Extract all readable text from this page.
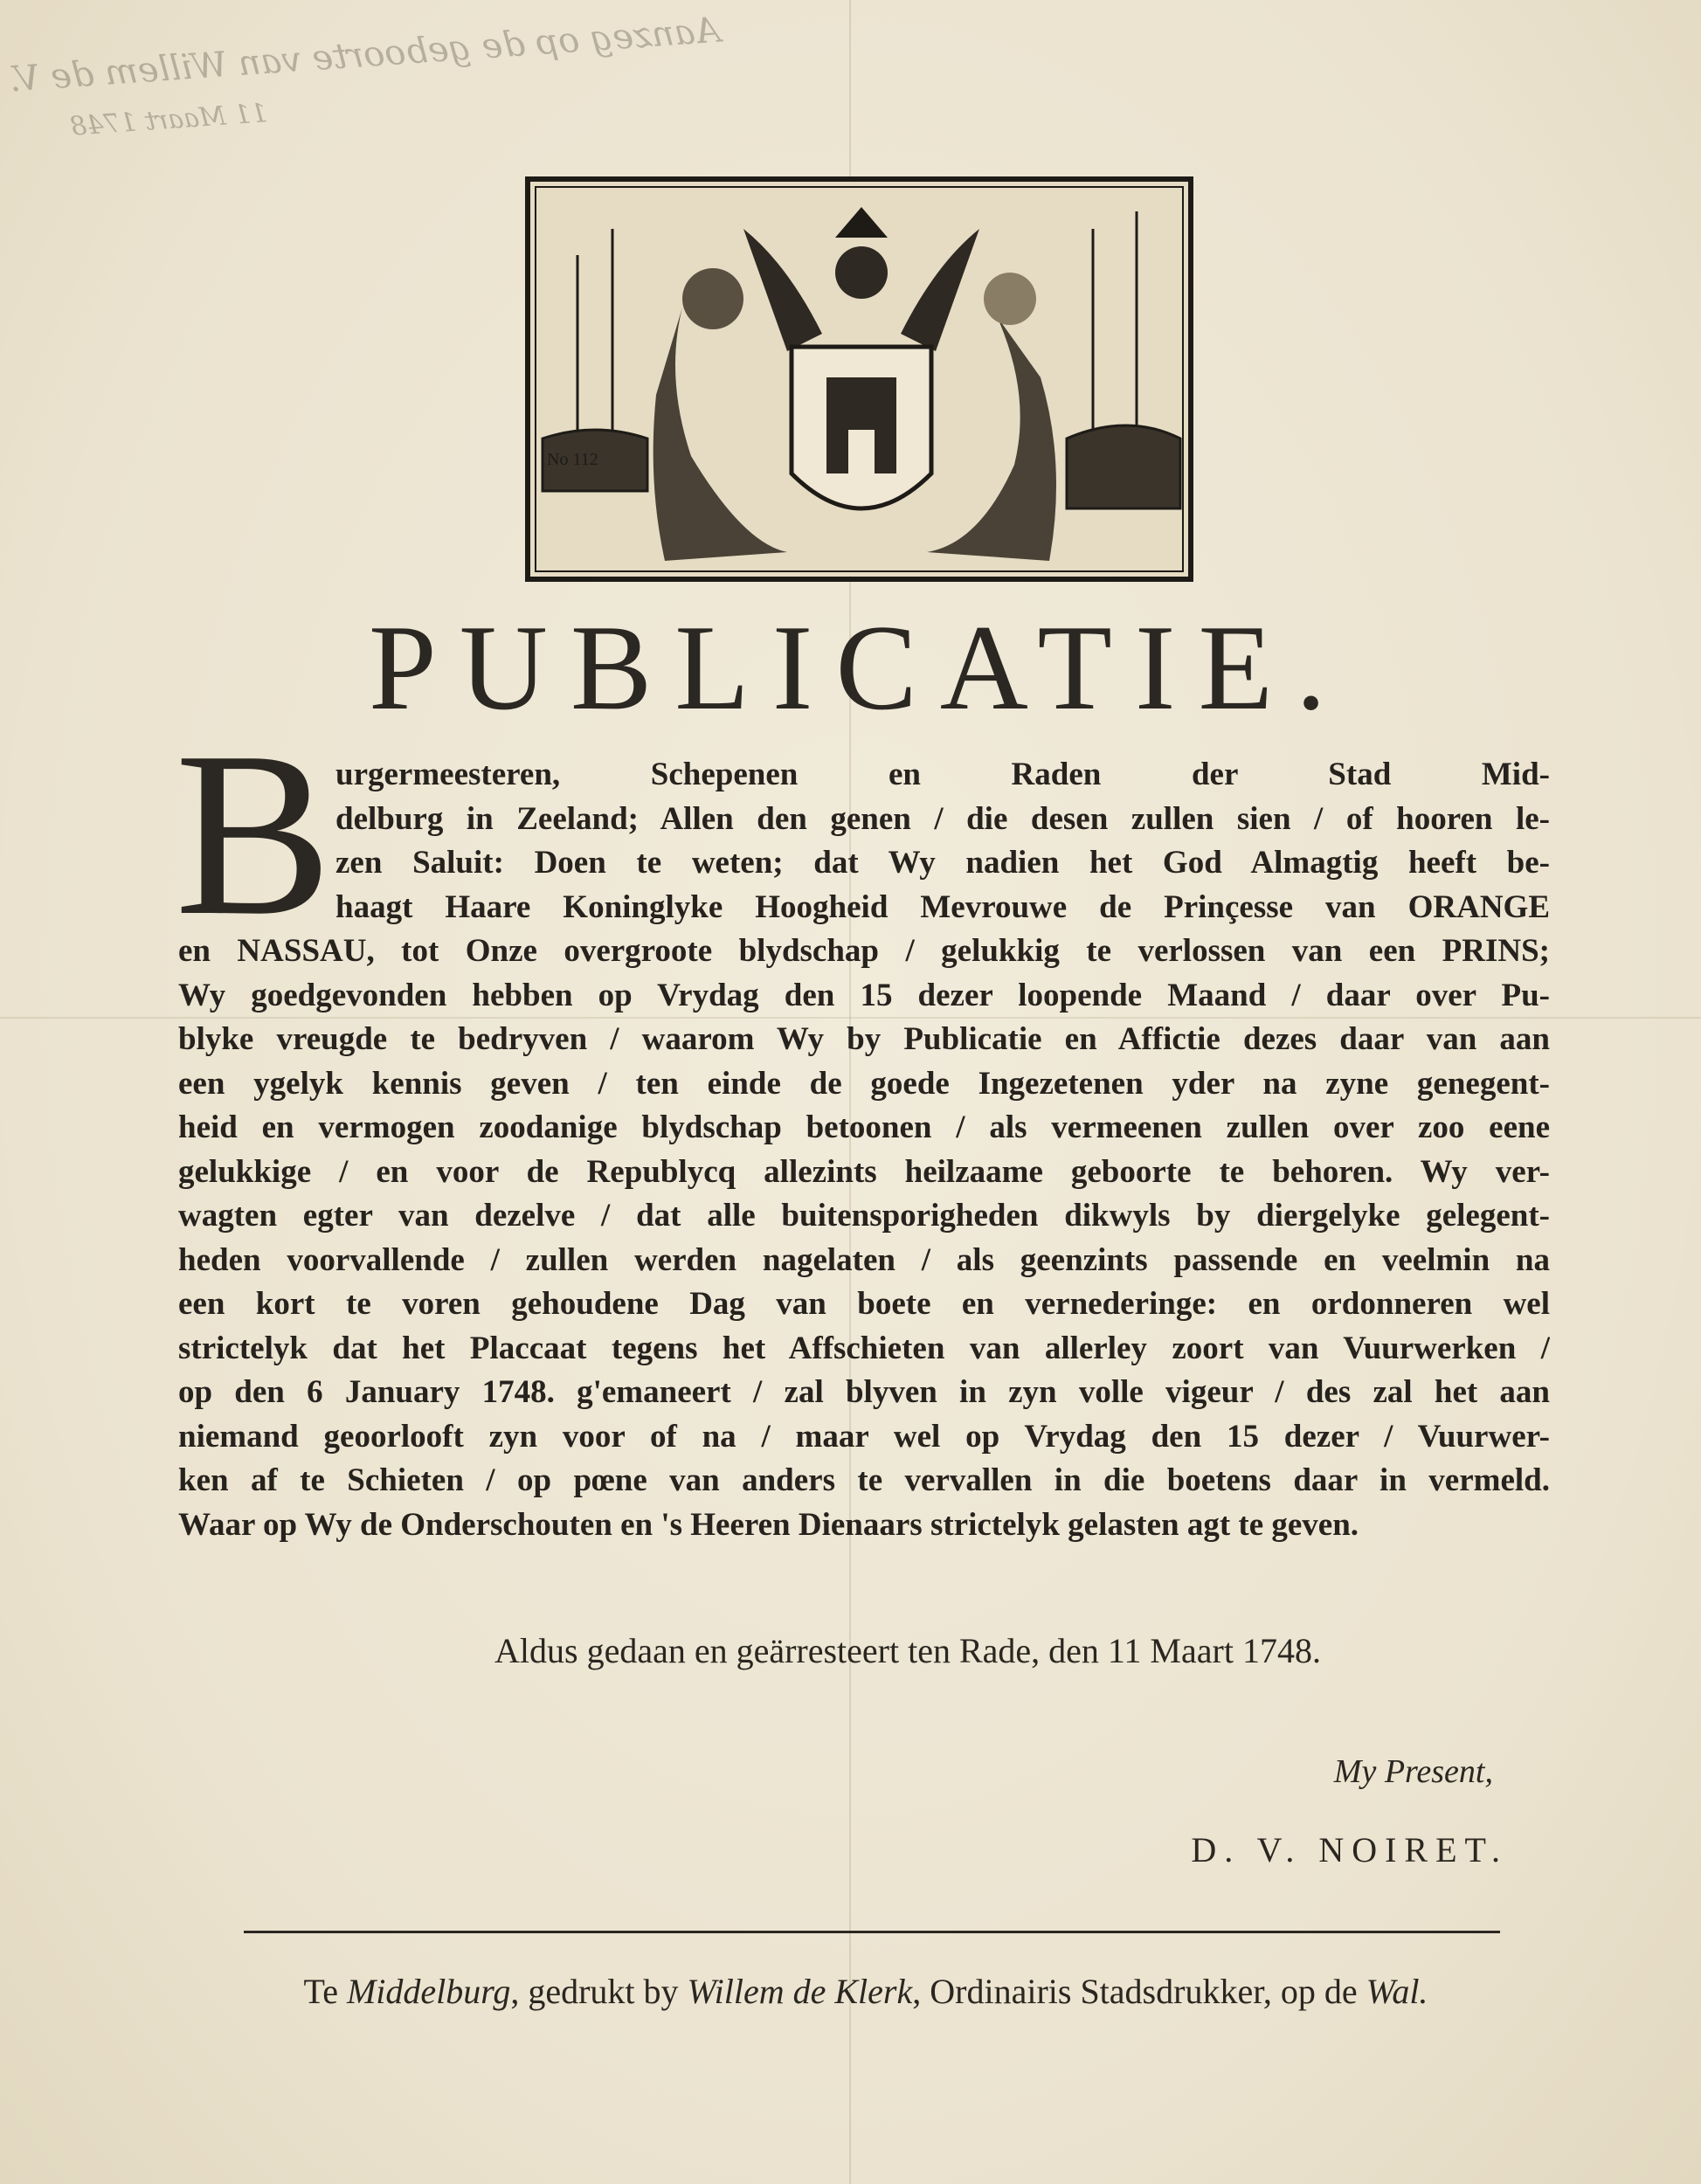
Aanzeg op de geboorte van Willem de V.
11 Maart 1748
No 112
PUBLICATIE.
B urgermeesteren, Schepenen en Raden der Stad Mid-
delburg in Zeeland; Allen den genen / die desen zullen sien / of hooren le-
zen Saluit: Doen te weten; dat Wy nadien het God Almagtig heeft be-
haagt Haare Koninglyke Hoogheid Mevrouwe de Prinçesse van ORANGE
en NASSAU, tot Onze overgroote blydschap / gelukkig te verlossen van een PRINS;
Wy goedgevonden hebben op Vrydag den 15 dezer loopende Maand / daar over Pu-
blyke vreugde te bedryven / waarom Wy by Publicatie en Affictie dezes daar van aan
een ygelyk kennis geven / ten einde de goede Ingezetenen yder na zyne genegent-
heid en vermogen zoodanige blydschap betoonen / als vermeenen zullen over zoo eene
gelukkige / en voor de Republycq allezints heilzaame geboorte te behoren. Wy ver-
wagten egter van dezelve / dat alle buitensporigheden dikwyls by diergelyke gelegent-
heden voorvallende / zullen werden nagelaten / als geenzints passende en veelmin na
een kort te voren gehoudene Dag van boete en vernederinge: en ordonneren wel
strictelyk dat het Placcaat tegens het Affschieten van allerley zoort van Vuurwerken /
op den 6 January 1748. g'emaneert / zal blyven in zyn volle vigeur / des zal het aan
niemand geoorlooft zyn voor of na / maar wel op Vrydag den 15 dezer / Vuurwer-
ken af te Schieten / op pœne van anders te vervallen in die boetens daar in vermeld.
Waar op Wy de Onderschouten en 's Heeren Dienaars strictelyk gelasten agt te geven.
Aldus gedaan en geärresteert ten Rade, den 11 Maart 1748.
My Present,
D. V. NOIRET.
Te Middelburg, gedrukt by Willem de Klerk, Ordinairis Stadsdrukker, op de Wal.
